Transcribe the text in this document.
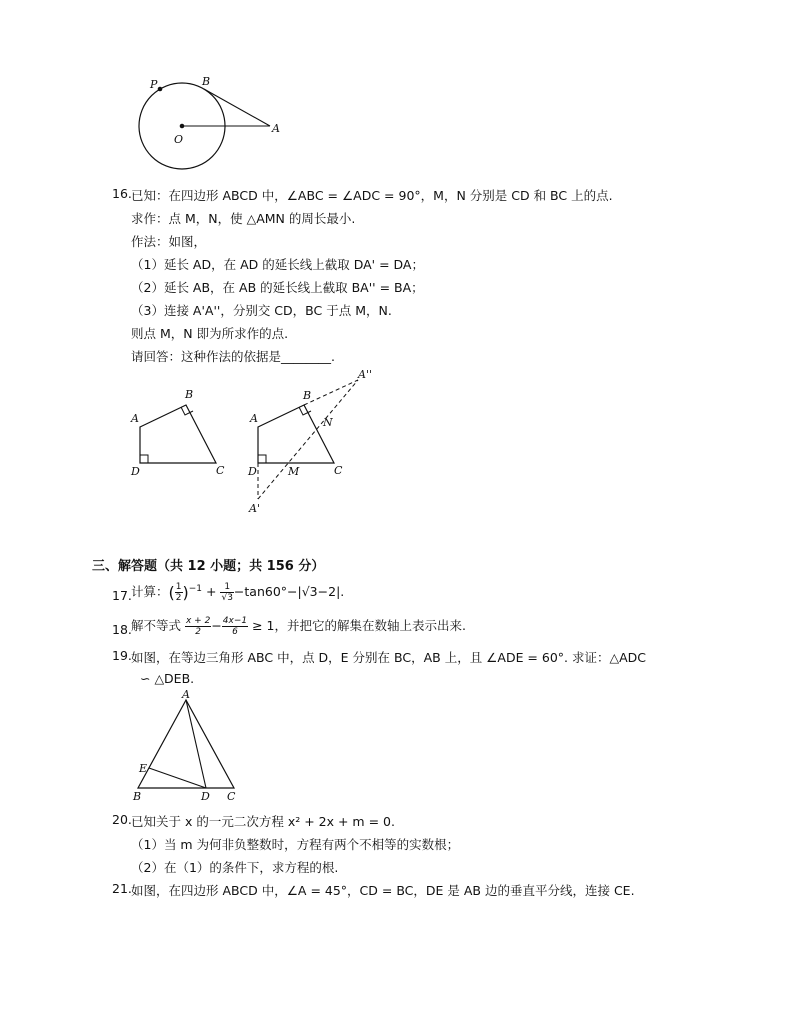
P	B
O
A
16. 已知：在四边形 ABCD 中，∠ABC = ∠ADC = 90°，M，N 分别是 CD 和 BC 上的点.
求作：点 M，N，使 △AMN 的周长最小.
作法：如图，
（1）延长 AD，在 AD 的延长线上截取 DA' = DA；
（2）延长 AB，在 AB 的延长线上截取 BA'' = BA；
（3）连接 A'A''，分别交 CD，BC 于点 M，N.
则点 M，N 即为所求作的点.
请回答：这种作法的依据是________.
A
B
C
D
A
B
C
D	M
N
A'
A''
三、解答题（共 12 小题；共 156 分）
17. 计算：( $\frac{1}{2} )^{-1} + \frac{1}{√3} -\tan 60^\circ-|√3-2|$.
18. 解不等式 $\frac{x + 2}{2} - \frac{4x-1}{6} \ge 1$，并把它的解集在数轴上表示出来.
19. 如图，在等边三角形 ABC 中，点 D，E 分别在 BC，AB 上，且 ∠ADE = 60°. 求证：△ADC
∽ △DEB.
A
B	C
D
E
20. 已知关于 x 的一元二次方程 x² + 2x + m = 0.
（1）当 m 为何非负整数时，方程有两个不相等的实数根；
（2）在（1）的条件下，求方程的根.
21. 如图，在四边形 ABCD 中，∠A = 45°，CD = BC，DE 是 AB 边的垂直平分线，连接 CE.
